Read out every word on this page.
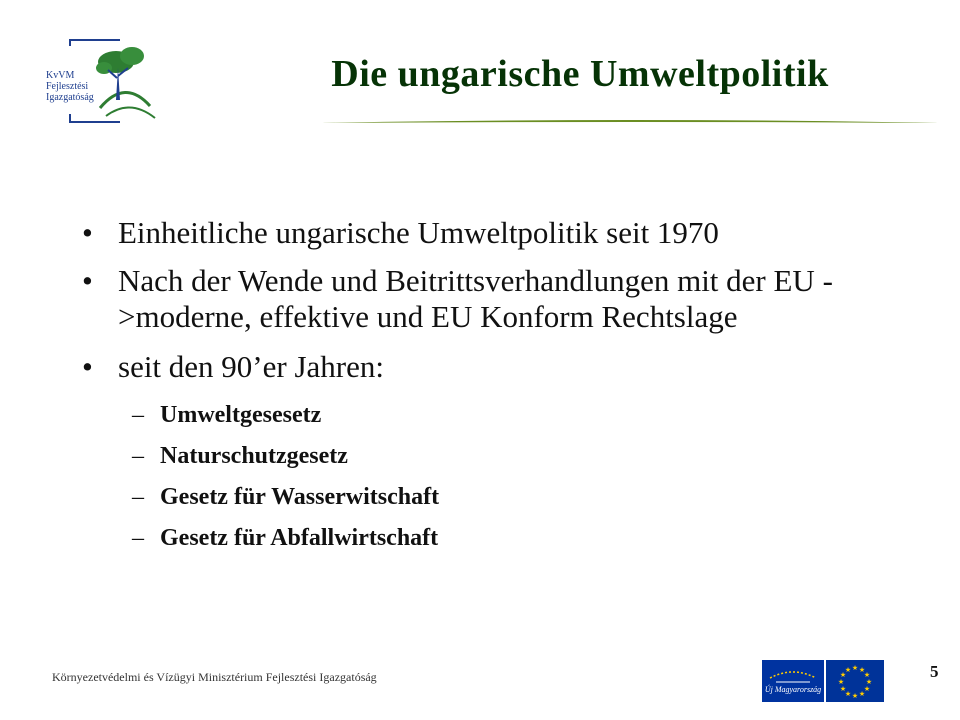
KvVM
Fejlesztési
Igazgatóság
Die ungarische Umweltpolitik
• Einheitliche ungarische Umweltpolitik seit 1970
• Nach der Wende und Beitrittsverhandlungen mit der EU ->moderne, effektive und EU Konform Rechtslage
• seit den 90’er Jahren:
– Umweltgesesetz
– Naturschutzgesetz
– Gesetz für Wasserwitschaft
– Gesetz für Abfallwirtschaft
Környezetvédelmi és Vízügyi Minisztérium Fejlesztési Igazgatóság
Új Magyarország
★ ★
★
★
★
★
★
★
★
★
★
★	5
